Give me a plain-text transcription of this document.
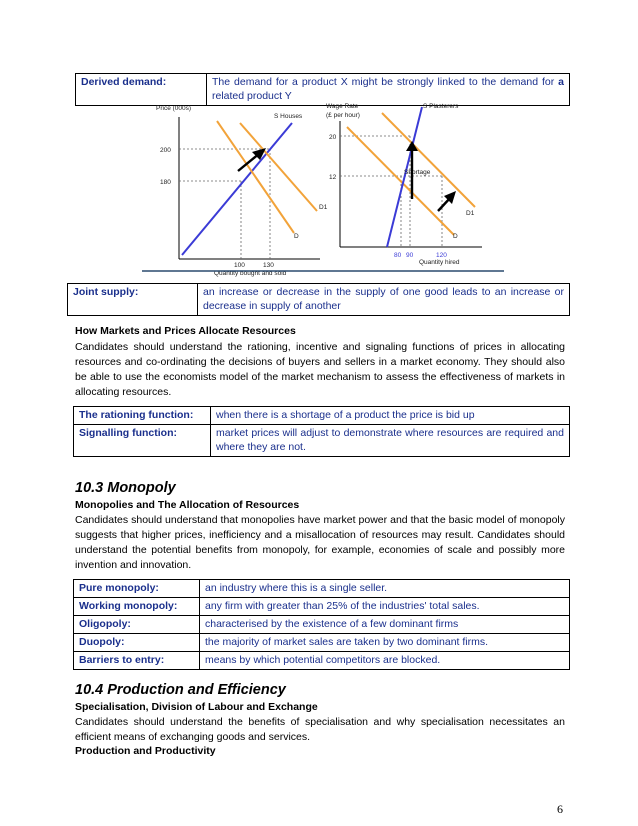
Derived demand:	The demand for a product X might be strongly linked to the demand for a related product Y
Price (000s)
200
180
100	130
Quantity bought and sold
S Houses
D
D1
Wage Rate
(£ per hour)
20
12
80 90	120
Quantity hired
S Plasterers
D
D1
Shortage
Joint supply:	an increase or decrease in the supply of one good leads to an increase or decrease in supply of another
How Markets and Prices Allocate Resources
Candidates should understand the rationing, incentive and signaling functions of prices in allocating resources and co-ordinating the decisions of buyers and sellers in a market economy. They should also be able to use the economists model of the market mechanism to assess the effectiveness of markets in allocating resources.
The rationing function:	when there is a shortage of a product the price is bid up
Signalling function:	market prices will adjust to demonstrate where resources are required and where they are not.
10.3 Monopoly
Monopolies and The Allocation of Resources
Candidates should understand that monopolies have market power and that the basic model of monopoly suggests that higher prices, inefficiency and a misallocation of resources may result. Candidates should understand the potential benefits from monopoly, for example, economies of scale and possibly more invention and innovation.
Pure monopoly:	an industry where this is a single seller.
Working monopoly:	any firm with greater than 25% of the industries' total sales.
Oligopoly:	characterised by the existence of a few dominant firms
Duopoly:	the majority of market sales are taken by two dominant firms.
Barriers to entry:	means by which potential competitors are blocked.
10.4 Production and Efficiency
Specialisation, Division of Labour and Exchange
Candidates should understand the benefits of specialisation and why specialisation necessitates an efficient means of exchanging goods and services.
Production and Productivity
6
